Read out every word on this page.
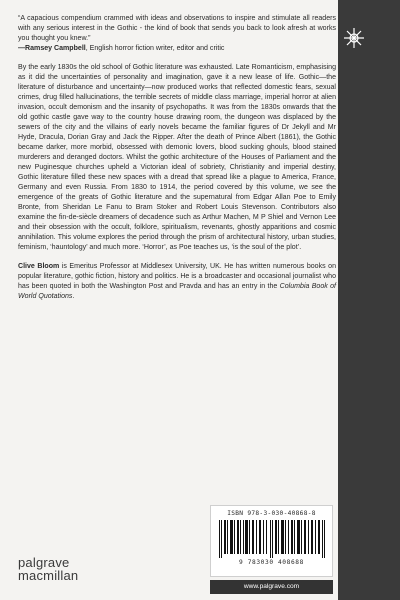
“A capacious compendium crammed with ideas and observations to inspire and stimulate all readers with any serious interest in the Gothic - the kind of book that sends you back to look afresh at works you thought you knew.”

—Ramsey Campbell, English horror fiction writer, editor and critic

By the early 1830s the old school of Gothic literature was exhausted. Late Romanticism, emphasising as it did the uncertainties of personality and imagination, gave it a new lease of life. Gothic—the literature of disturbance and uncertainty—now produced works that reflected domestic fears, sexual crimes, drug filled hallucinations, the terrible secrets of middle class marriage, imperial horror at alien invasion, occult demonism and the insanity of psychopaths. It was from the 1830s onwards that the old gothic castle gave way to the country house drawing room, the dungeon was displaced by the sewers of the city and the villains of early novels became the familiar figures of Dr Jekyll and Mr Hyde, Dracula, Dorian Gray and Jack the Ripper. After the death of Prince Albert (1861), the Gothic became darker, more morbid, obsessed with demonic lovers, blood sucking ghouls, blood stained murderers and deranged doctors. Whilst the gothic architecture of the Houses of Parliament and the new Puginesque churches upheld a Victorian ideal of sobriety, Christianity and imperial destiny, Gothic literature filled these new spaces with a dread that spread like a plague to America, France, Germany and even Russia. From 1830 to 1914, the period covered by this volume, we see the emergence of the greats of Gothic literature and the supernatural from Edgar Allan Poe to Emily Bronte, from Sheridan Le Fanu to Bram Stoker and Robert Louis Stevenson. Contributors also examine the fin-de-siècle dreamers of decadence such as Arthur Machen, M P Shiel and Vernon Lee and their obsession with the occult, folklore, spiritualism, revenants, ghostly apparitions and cosmic annihilation. This volume explores the period through the prism of architectural history, urban studies, feminism, ‘hauntology’ and much more. ‘Horror’, as Poe teaches us, ‘is the soul of the plot’.

Clive Bloom is Emeritus Professor at Middlesex University, UK. He has written numerous books on popular literature, gothic fiction, history and politics. He is a broadcaster and occasional journalist who has been quoted in both the Washington Post and Pravda and has an entry in the Columbia Book of World Quotations.

palgrave
macmillan
ISBN 978-3-030-40868-8
9 783030 408688
www.palgrave.com
